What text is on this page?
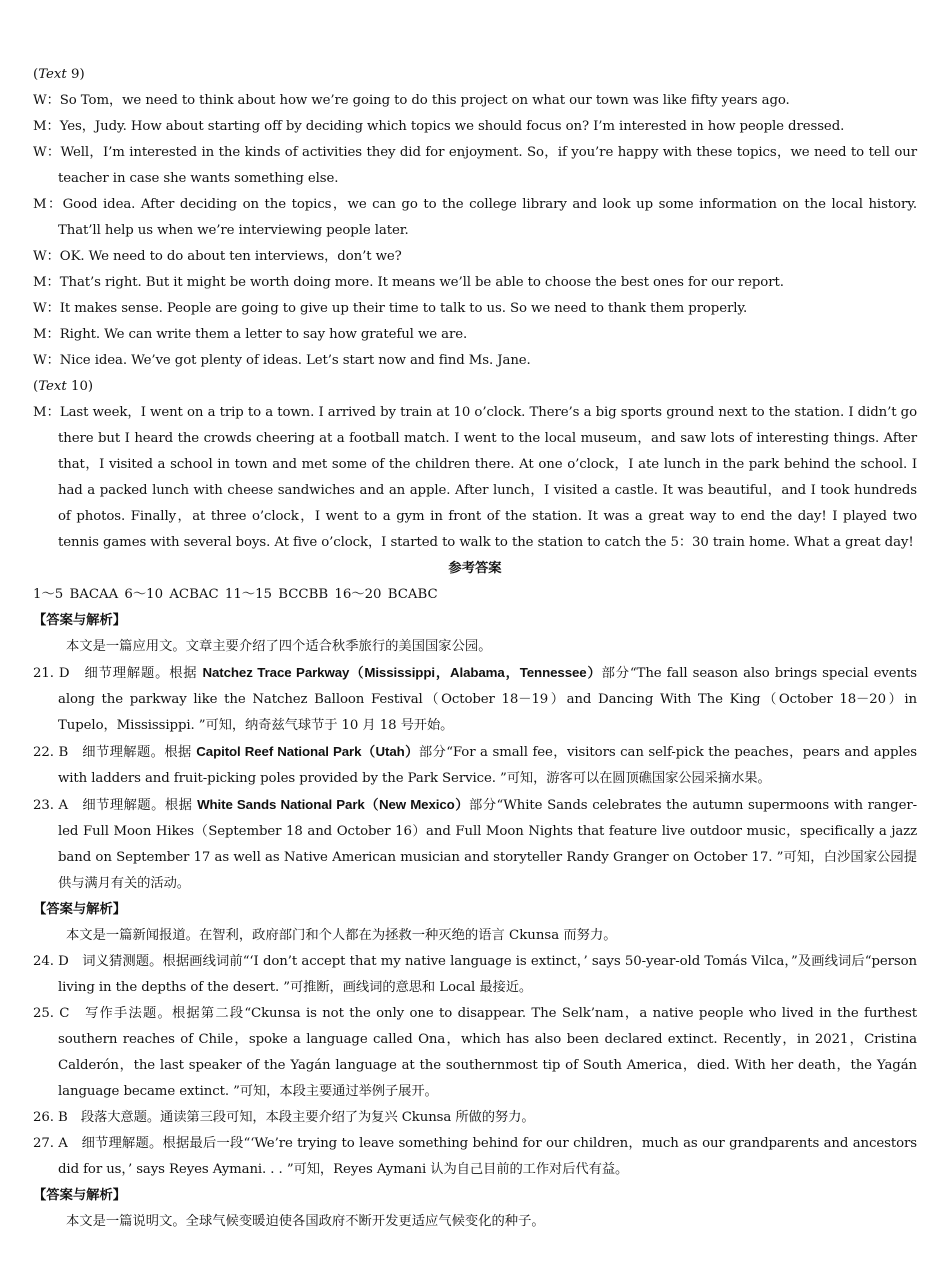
(Text 9)
W：So Tom，we need to think about how we’re going to do this project on what our town was like fifty years ago.
M：Yes，Judy. How about starting off by deciding which topics we should focus on? I’m interested in how people dressed.
W：Well，I’m interested in the kinds of activities they did for enjoyment. So，if you’re happy with these topics，we need to tell our teacher in case she wants something else.
M：Good idea. After deciding on the topics，we can go to the college library and look up some information on the local history. That’ll help us when we’re interviewing people later.
W：OK. We need to do about ten interviews，don’t we?
M：That’s right. But it might be worth doing more. It means we’ll be able to choose the best ones for our report.
W：It makes sense. People are going to give up their time to talk to us. So we need to thank them properly.
M：Right. We can write them a letter to say how grateful we are.
W：Nice idea. We’ve got plenty of ideas. Let’s start now and find Ms. Jane.
(Text 10)
M：Last week，I went on a trip to a town. I arrived by train at 10 o’clock. There’s a big sports ground next to the station. I didn’t go there but I heard the crowds cheering at a football match. I went to the local museum，and saw lots of interesting things. After that，I visited a school in town and met some of the children there. At one o’clock，I ate lunch in the park behind the school. I had a packed lunch with cheese sandwiches and an apple. After lunch，I visited a castle. It was beautiful，and I took hundreds of photos. Finally，at three o’clock，I went to a gym in front of the station. It was a great way to end the day! I played two tennis games with several boys. At five o’clock，I started to walk to the station to catch the 5：30 train home. What a great day!
参考答案
1～5 BACAA 6～10 ACBAC 11～15 BCCBB 16～20 BCABC
【答案与解析】
本文是一篇应用文。文章主要介绍了四个适合秋季旅行的美国国家公园。
21. D　细节理解题。根据 Natchez Trace Parkway（Mississippi，Alabama，Tennessee）部分“The fall season also brings special events along the parkway like the Natchez Balloon Festival（October 18－19）and Dancing With The King（October 18－20）in Tupelo，Mississippi. ”可知，纳奇兹气球节于 10 月 18 号开始。
22. B　细节理解题。根据 Capitol Reef National Park（Utah）部分“For a small fee，visitors can self-pick the peaches，pears and apples with ladders and fruit-picking poles provided by the Park Service. ”可知，游客可以在圆顶礁国家公园采摘水果。
23. A　细节理解题。根据 White Sands National Park（New Mexico）部分“White Sands celebrates the autumn supermoons with ranger-led Full Moon Hikes（September 18 and October 16）and Full Moon Nights that feature live outdoor music，specifically a jazz band on September 17 as well as Native American musician and storyteller Randy Granger on October 17. ”可知，白沙国家公园提供与满月有关的活动。
【答案与解析】
本文是一篇新闻报道。在智利，政府部门和个人都在为拯救一种灭绝的语言 Ckunsa 而努力。
24. D　词义猜测题。根据画线词前“‘I don’t accept that my native language is extinct，’ says 50-year-old Tomás Vilca，”及画线词后“person living in the depths of the desert. ”可推断，画线词的意思和 Local 最接近。
25. C　写作手法题。根据第二段“Ckunsa is not the only one to disappear. The Selk’nam，a native people who lived in the furthest southern reaches of Chile，spoke a language called Ona，which has also been declared extinct. Recently，in 2021，Cristina Calderón，the last speaker of the Yagán language at the southernmost tip of South America，died. With her death，the Yagán language became extinct. ”可知，本段主要通过举例子展开。
26. B　段落大意题。通读第三段可知，本段主要介绍了为复兴 Ckunsa 所做的努力。
27. A　细节理解题。根据最后一段“‘We’re trying to leave something behind for our children，much as our grandparents and ancestors did for us，’ says Reyes Aymani. . . ”可知，Reyes Aymani 认为自己目前的工作对后代有益。
【答案与解析】
本文是一篇说明文。全球气候变暖迫使各国政府不断开发更适应气候变化的种子。
